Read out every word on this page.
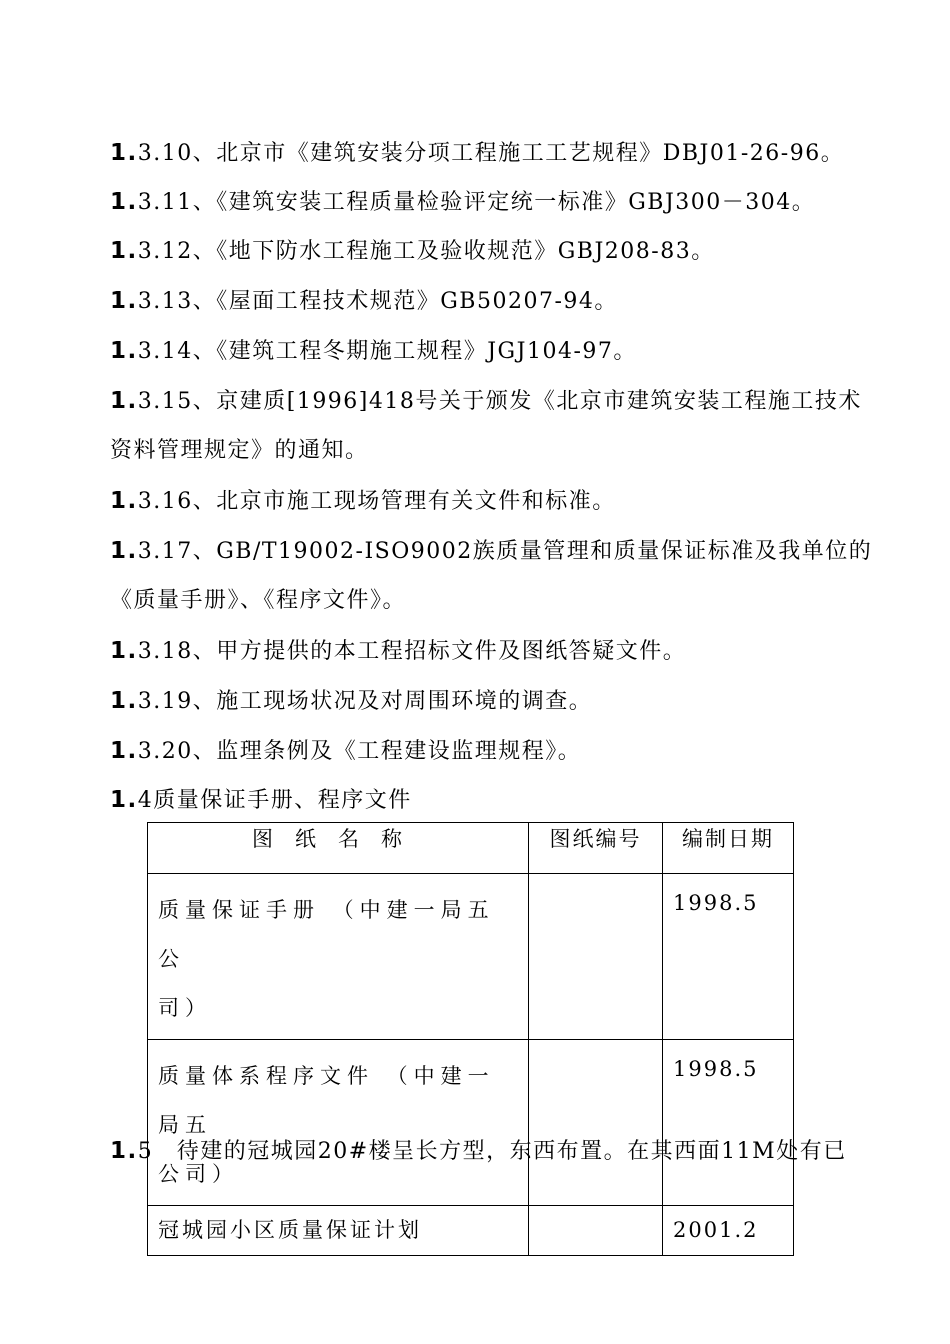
1.3.10、北京市《建筑安装分项工程施工工艺规程》DBJ01-26-96。
1.3.11、《建筑安装工程质量检验评定统一标准》GBJ300－304。
1.3.12、《地下防水工程施工及验收规范》GBJ208-83。
1.3.13、《屋面工程技术规范》GB50207-94。
1.3.14、《建筑工程冬期施工规程》JGJ104-97。
1.3.15、京建质[1996]418号关于颁发《北京市建筑安装工程施工技术
资料管理规定》的通知。
1.3.16、北京市施工现场管理有关文件和标准。
1.3.17、GB/T19002-ISO9002族质量管理和质量保证标准及我单位的
《质量手册》、《程序文件》。
1.3.18、甲方提供的本工程招标文件及图纸答疑文件。
1.3.19、施工现场状况及对周围环境的调查。
1.3.20、监理条例及《工程建设监理规程》。
1.4质量保证手册、程序文件
图纸名称	图纸编号	编制日期

质量保证手册 （中建一局五公
司）		1998.5

质量体系程序文件 （中建一局五
公司）		1998.5

冠城园小区质量保证计划		2001.2
1.5　待建的冠城园20#楼呈长方型，东西布置。在其西面11M处有已
